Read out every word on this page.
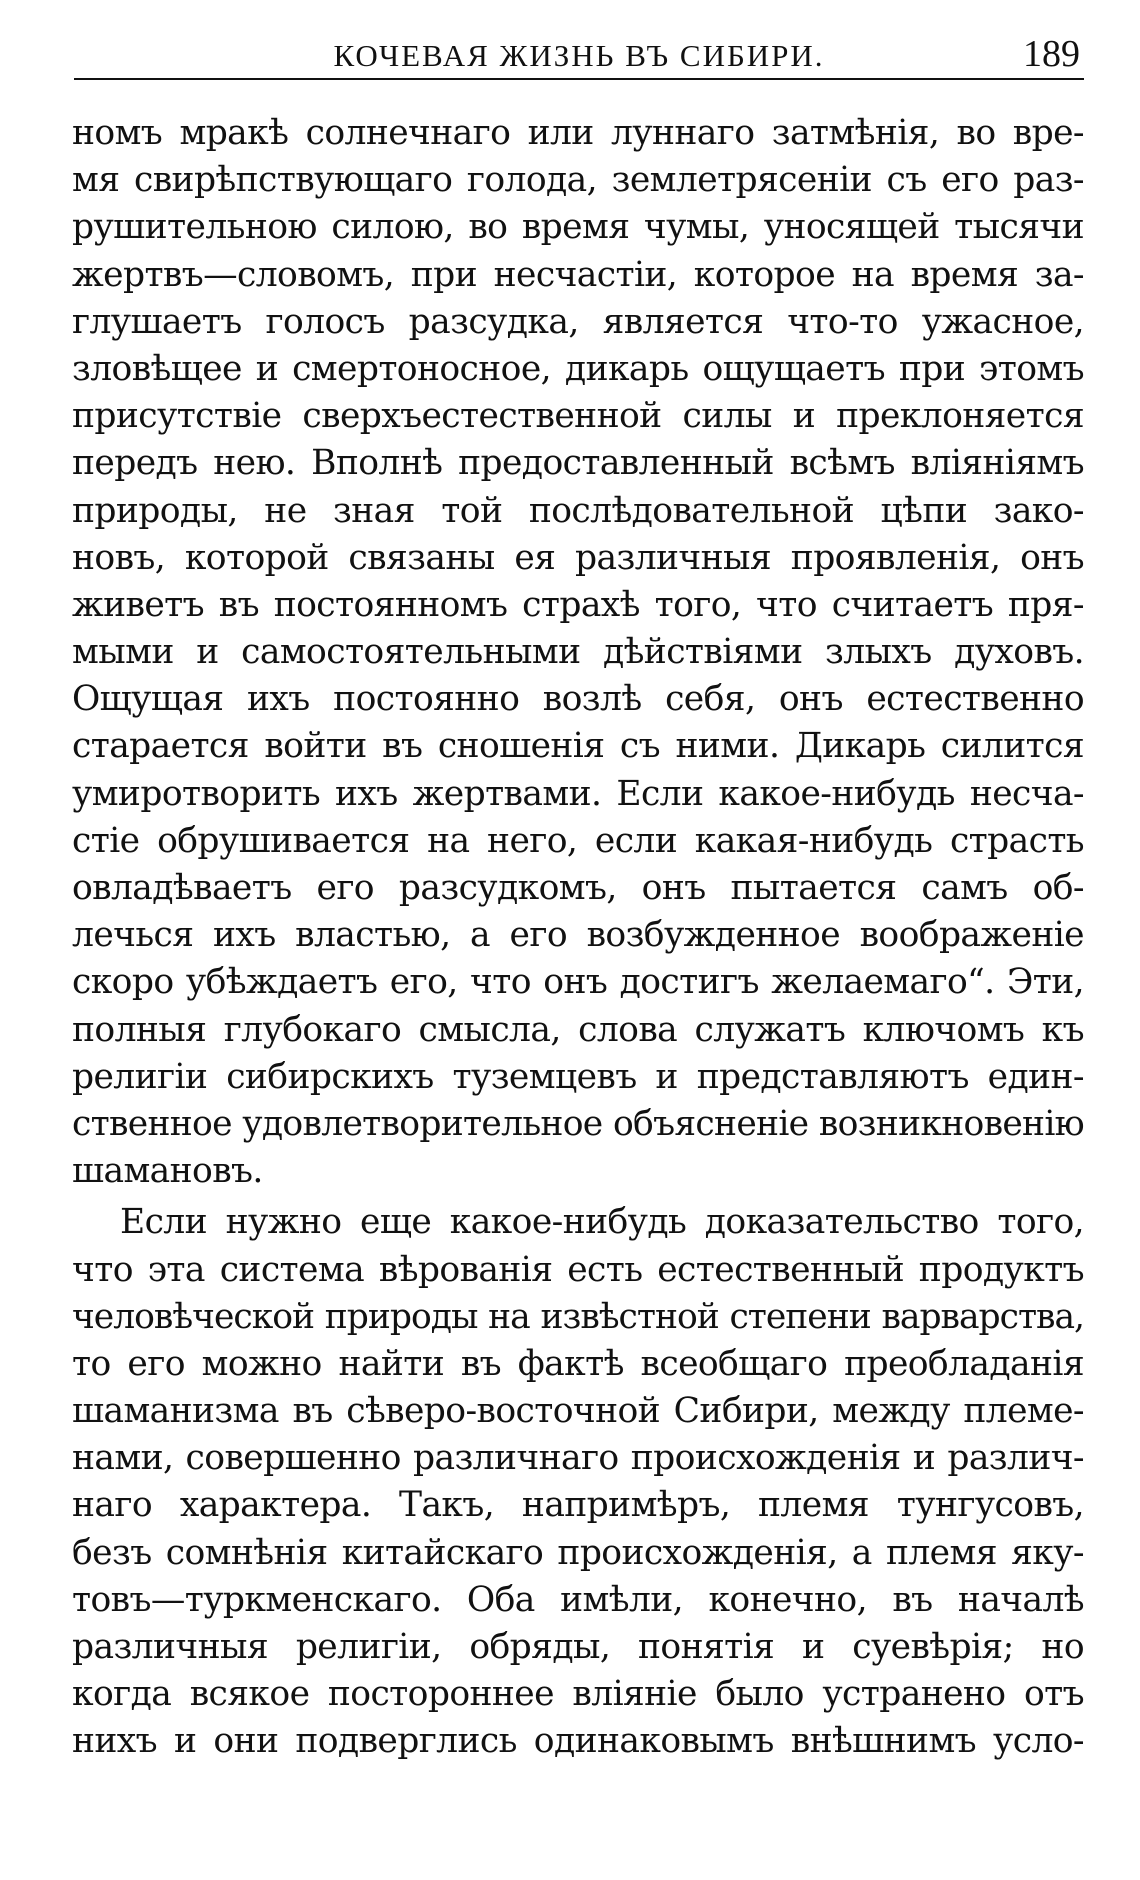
КОЧЕВАЯ ЖИЗНЬ ВЪ СИБИРИ.	189
номъ мракѣ солнечнаго или луннаго затмѣнія, во вре-
мя свирѣпствующаго голода, землетрясеніи съ его раз-
рушительною силою, во время чумы, уносящей тысячи
жертвъ—словомъ, при несчастіи, которое на время за-
глушаетъ голосъ разсудка, является что-то ужасное,
зловѣщее и смертоносное, дикарь ощущаетъ при этомъ
присутствіе сверхъестественной силы и преклоняется
передъ нею. Вполнѣ предоставленный всѣмъ вліяніямъ
природы, не зная той послѣдовательной цѣпи зако-
новъ, которой связаны ея различныя проявленія, онъ
живетъ въ постоянномъ страхѣ того, что считаетъ пря-
мыми и самостоятельными дѣйствіями злыхъ духовъ.
Ощущая ихъ постоянно возлѣ себя, онъ естественно
старается войти въ сношенія съ ними. Дикарь силится
умиротворить ихъ жертвами. Если какое-нибудь несча-
стіе обрушивается на него, если какая-нибудь страсть
овладѣваетъ его разсудкомъ, онъ пытается самъ об-
лечься ихъ властью, а его возбужденное воображеніе
скоро убѣждаетъ его, что онъ достигъ желаемаго“. Эти,
полныя глубокаго смысла, слова служатъ ключомъ къ
религіи сибирскихъ туземцевъ и представляютъ един-
ственное удовлетворительное объясненіе возникновенію
шамановъ.
Если нужно еще какое-нибудь доказательство того,
что эта система вѣрованія есть естественный продуктъ
человѣческой природы на извѣстной степени варварства,
то его можно найти въ фактѣ всеобщаго преобладанія
шаманизма въ сѣверо-восточной Сибири, между племе-
нами, совершенно различнаго происхожденія и различ-
наго характера. Такъ, напримѣръ, племя тунгусовъ,
безъ сомнѣнія китайскаго происхожденія, а племя яку-
товъ—туркменскаго. Оба имѣли, конечно, въ началѣ
различныя религіи, обряды, понятія и суевѣрія; но
когда всякое постороннее вліяніе было устранено отъ
нихъ и они подверглись одинаковымъ внѣшнимъ усло-
